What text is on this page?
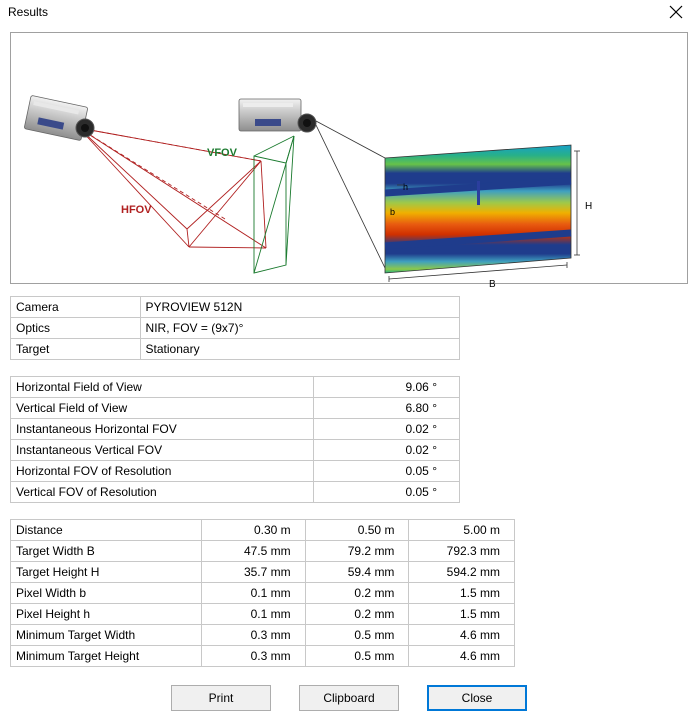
Results
H
B
h
b
VFOV
HFOV
Camera	PYROVIEW 512N
Optics	NIR, FOV = (9x7)°
Target	Stationary
Horizontal Field of View	9.06 °
Vertical Field of View	6.80 °
Instantaneous Horizontal FOV	0.02 °
Instantaneous Vertical FOV	0.02 °
Horizontal FOV of Resolution	0.05 °
Vertical FOV of Resolution	0.05 °
Distance	0.30 m	0.50 m	5.00 m
Target Width B	47.5 mm	79.2 mm	792.3 mm
Target Height H	35.7 mm	59.4 mm	594.2 mm
Pixel Width b	0.1 mm	0.2 mm	1.5 mm
Pixel Height h	0.1 mm	0.2 mm	1.5 mm
Minimum Target Width	0.3 mm	0.5 mm	4.6 mm
Minimum Target Height	0.3 mm	0.5 mm	4.6 mm
Print	Clipboard	Close
